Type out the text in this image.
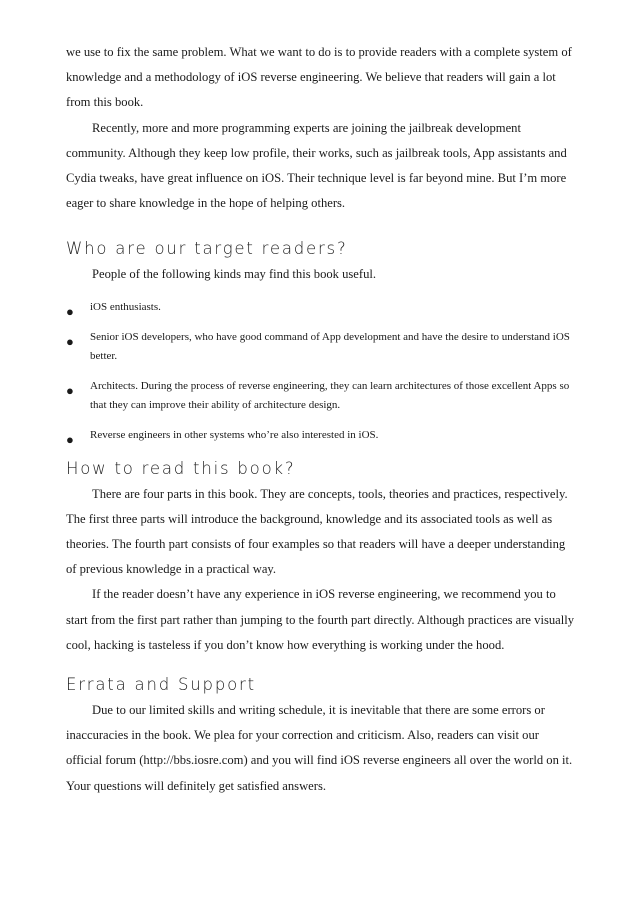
we use to fix the same problem. What we want to do is to provide readers with a complete system of knowledge and a methodology of iOS reverse engineering. We believe that readers will gain a lot from this book.

Recently, more and more programming experts are joining the jailbreak development community. Although they keep low profile, their works, such as jailbreak tools, App assistants and Cydia tweaks, have great influence on iOS. Their technique level is far beyond mine. But I’m more eager to share knowledge in the hope of helping others.

Who are our target readers?

People of the following kinds may find this book useful.

● iOS enthusiasts.
● Senior iOS developers, who have good command of App development and have the desire to understand iOS better.
● Architects. During the process of reverse engineering, they can learn architectures of those excellent Apps so that they can improve their ability of architecture design.
● Reverse engineers in other systems who’re also interested in iOS.
How to read this book?

There are four parts in this book. They are concepts, tools, theories and practices, respectively. The first three parts will introduce the background, knowledge and its associated tools as well as theories. The fourth part consists of four examples so that readers will have a deeper understanding of previous knowledge in a practical way.

If the reader doesn’t have any experience in iOS reverse engineering, we recommend you to start from the first part rather than jumping to the fourth part directly. Although practices are visually cool, hacking is tasteless if you don’t know how everything is working under the hood.

Errata and Support

Due to our limited skills and writing schedule, it is inevitable that there are some errors or inaccuracies in the book. We plea for your correction and criticism. Also, readers can visit our official forum (http://bbs.iosre.com) and you will find iOS reverse engineers all over the world on it. Your questions will definitely get satisfied answers.
